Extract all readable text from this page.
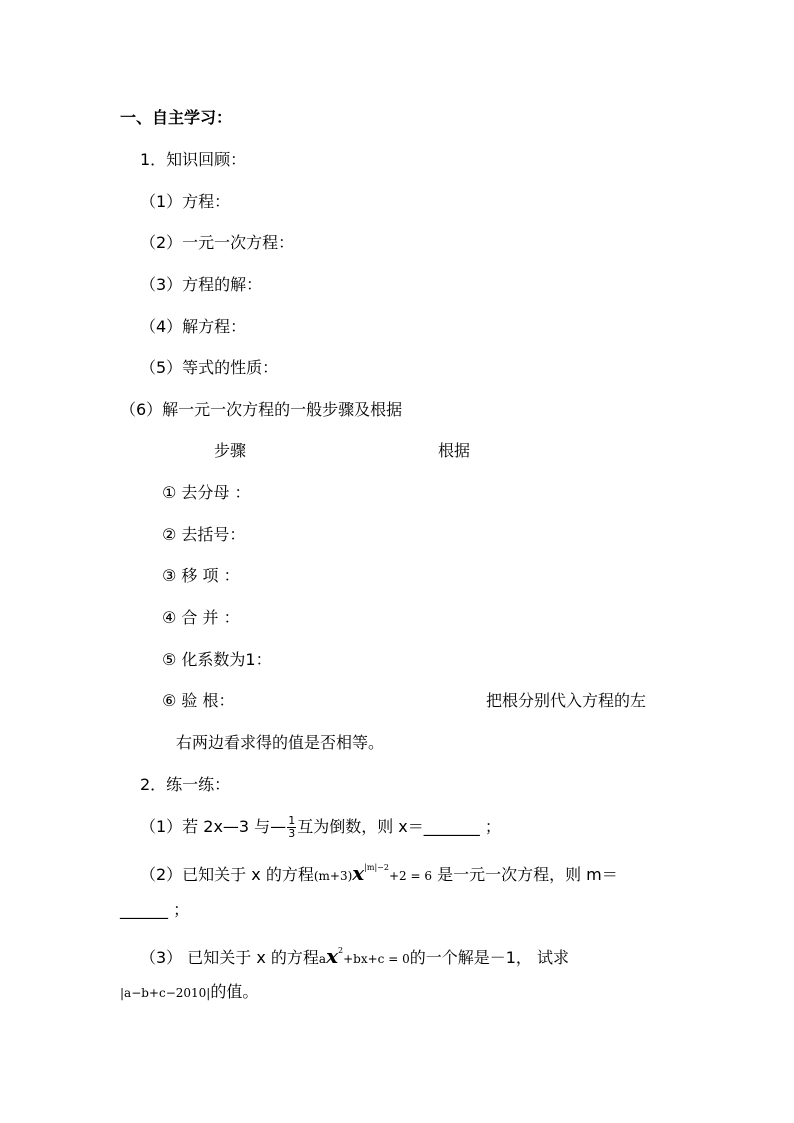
一、自主学习：
1．知识回顾：
（1）方程：
（2）一元一次方程：
（3）方程的解：
（4）解方程：
（5）等式的性质：
（6）解一元一次方程的一般步骤及根据
步骤	根据
① 去分母 ：
② 去括号：
③ 移 项 ：
④ 合 并 ：
⑤ 化系数为1：
⑥ 验 根：	把根分别代入方程的左
右两边看求得的值是否相等。
2．练一练：
（1）若 2x—3 与— $\frac{1}{3}$ 互为倒数，则 x＝_______ ；
（2）已知关于 x 的方程$(m+3)x^{|m|-2}+2 = 6$ 是一元一次方程，则 m＝
______ ；
（3） 已知关于 x 的方程$ax^2+bx+c = 0$的一个解是－1， 试求
|a−b+c−2010|的值。
